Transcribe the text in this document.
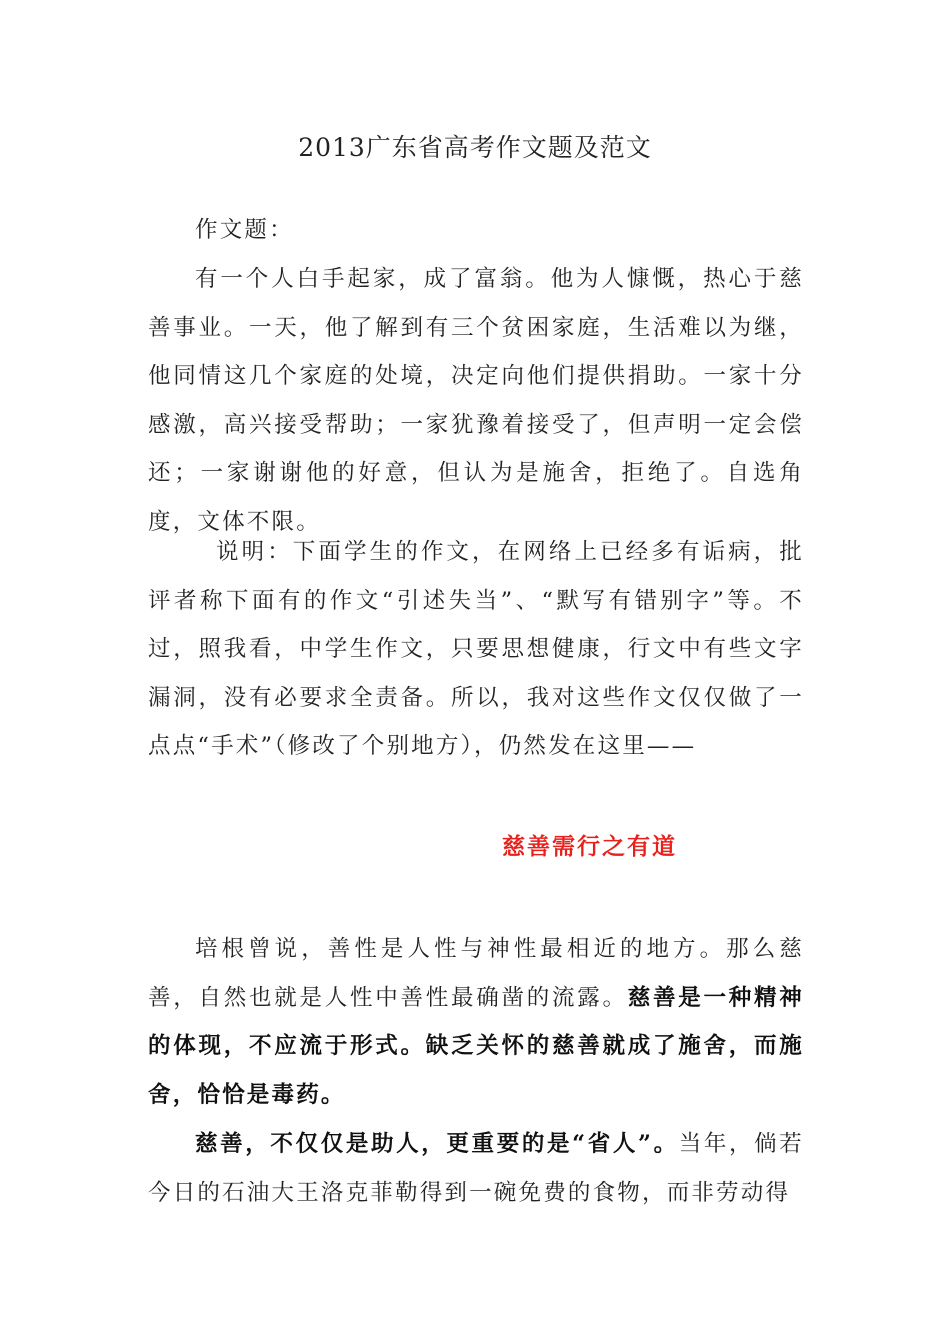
2013广东省高考作文题及范文

作文题：

有一个人白手起家，成了富翁。他为人慷慨，热心于慈善事业。一天，他了解到有三个贫困家庭，生活难以为继，他同情这几个家庭的处境，决定向他们提供捐助。一家十分感激，高兴接受帮助；一家犹豫着接受了，但声明一定会偿还；一家谢谢他的好意，但认为是施舍，拒绝了。自选角度，文体不限。

说明：下面学生的作文，在网络上已经多有诟病，批评者称下面有的作文“引述失当”、“默写有错别字”等。不过，照我看，中学生作文，只要思想健康，行文中有些文字漏洞，没有必要求全责备。所以，我对这些作文仅仅做了一点点“手术”（修改了个别地方），仍然发在这里——

慈善需行之有道

培根曾说，善性是人性与神性最相近的地方。那么慈善，自然也就是人性中善性最确凿的流露。慈善是一种精神的体现，不应流于形式。缺乏关怀的慈善就成了施舍，而施舍，恰恰是毒药。

慈善，不仅仅是助人，更重要的是“省人”。当年，倘若今日的石油大王洛克菲勒得到一碗免费的食物，而非劳动得
